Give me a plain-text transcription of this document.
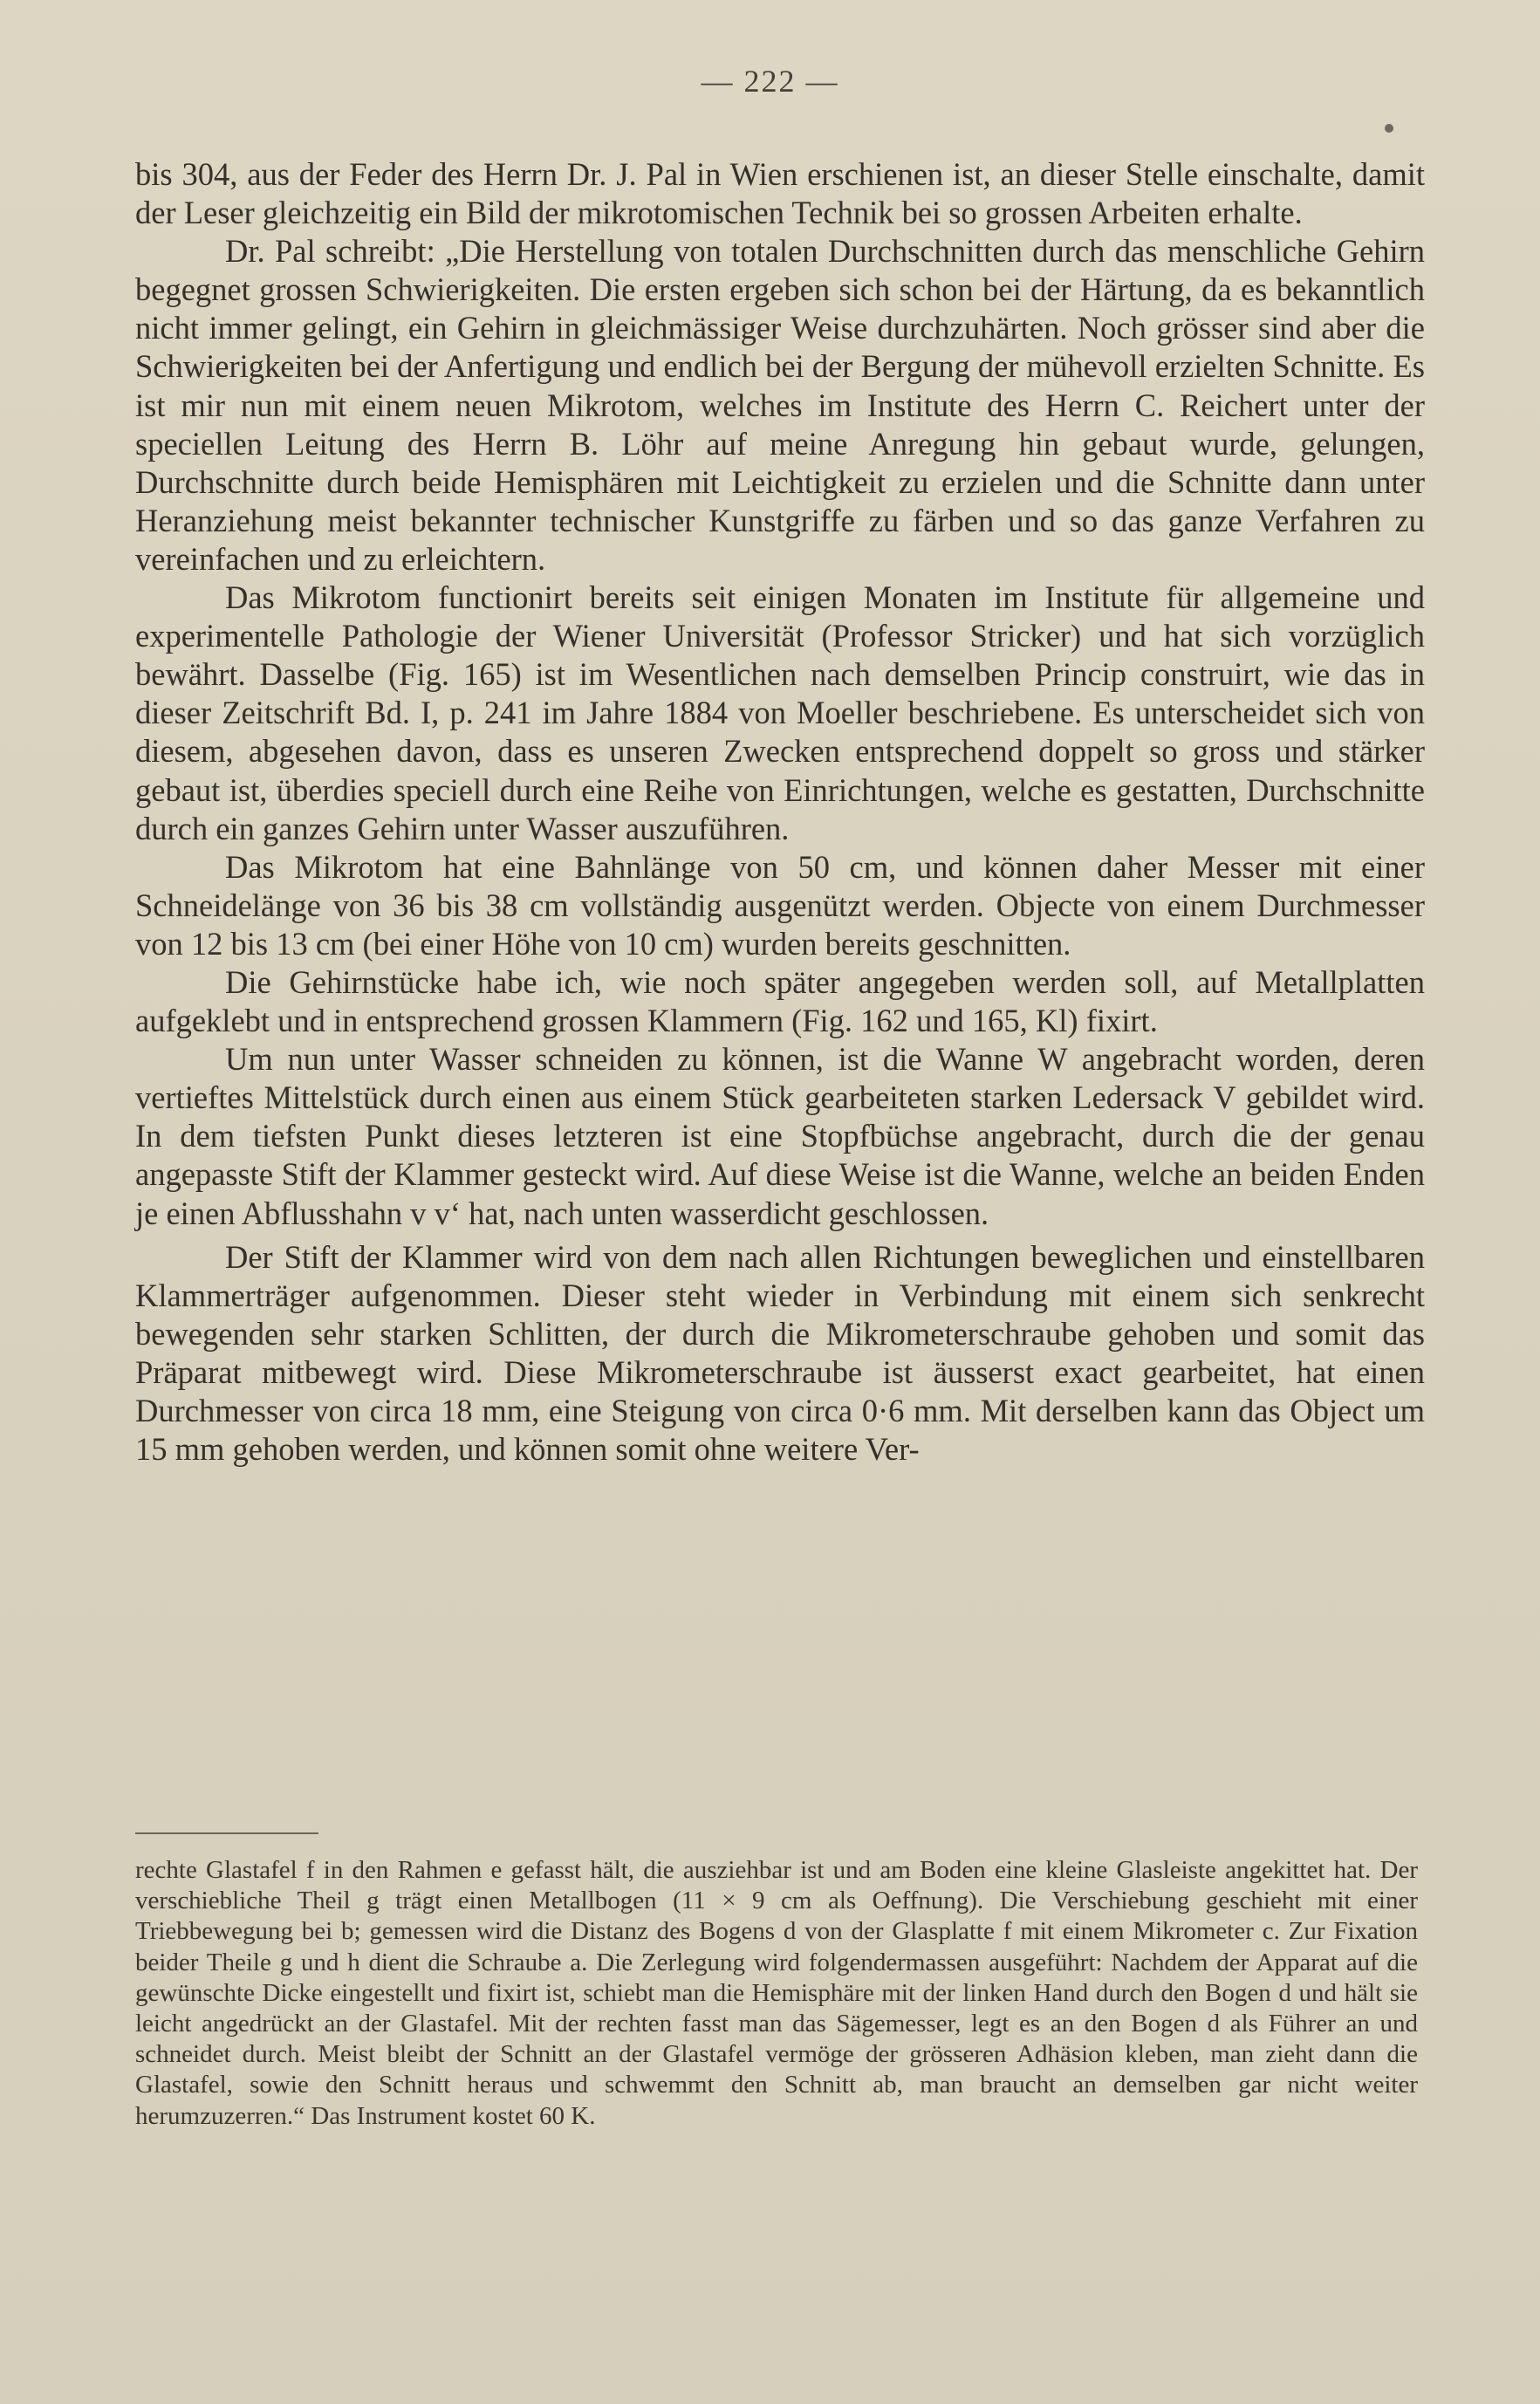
— 222 —

bis 304, aus der Feder des Herrn Dr. J. Pal in Wien erschienen ist, an dieser Stelle einschalte, damit der Leser gleichzeitig ein Bild der mikrotomischen Technik bei so grossen Arbeiten erhalte.

Dr. Pal schreibt: „Die Herstellung von totalen Durchschnitten durch das menschliche Gehirn begegnet grossen Schwierigkeiten. Die ersten ergeben sich schon bei der Härtung, da es bekanntlich nicht immer gelingt, ein Gehirn in gleichmässiger Weise durchzuhärten. Noch grösser sind aber die Schwierigkeiten bei der Anfertigung und endlich bei der Bergung der mühevoll erzielten Schnitte. Es ist mir nun mit einem neuen Mikrotom, welches im Institute des Herrn C. Reichert unter der speciellen Leitung des Herrn B. Löhr auf meine Anregung hin gebaut wurde, gelungen, Durchschnitte durch beide Hemisphären mit Leichtigkeit zu erzielen und die Schnitte dann unter Heranziehung meist bekannter technischer Kunstgriffe zu färben und so das ganze Verfahren zu vereinfachen und zu erleichtern.

Das Mikrotom functionirt bereits seit einigen Monaten im Institute für allgemeine und experimentelle Pathologie der Wiener Universität (Professor Stricker) und hat sich vorzüglich bewährt. Dasselbe (Fig. 165) ist im Wesentlichen nach demselben Princip construirt, wie das in dieser Zeitschrift Bd. I, p. 241 im Jahre 1884 von Moeller beschriebene. Es unterscheidet sich von diesem, abgesehen davon, dass es unseren Zwecken entsprechend doppelt so gross und stärker gebaut ist, überdies speciell durch eine Reihe von Einrichtungen, welche es gestatten, Durchschnitte durch ein ganzes Gehirn unter Wasser auszuführen.

Das Mikrotom hat eine Bahnlänge von 50 cm, und können daher Messer mit einer Schneidelänge von 36 bis 38 cm vollständig ausgenützt werden. Objecte von einem Durchmesser von 12 bis 13 cm (bei einer Höhe von 10 cm) wurden bereits geschnitten.

Die Gehirnstücke habe ich, wie noch später angegeben werden soll, auf Metallplatten aufgeklebt und in entsprechend grossen Klammern (Fig. 162 und 165, Kl) fixirt.

Um nun unter Wasser schneiden zu können, ist die Wanne W angebracht worden, deren vertieftes Mittelstück durch einen aus einem Stück gearbeiteten starken Ledersack V gebildet wird. In dem tiefsten Punkt dieses letzteren ist eine Stopfbüchse angebracht, durch die der genau angepasste Stift der Klammer gesteckt wird. Auf diese Weise ist die Wanne, welche an beiden Enden je einen Abflusshahn v v‘ hat, nach unten wasserdicht geschlossen.

Der Stift der Klammer wird von dem nach allen Richtungen beweglichen und einstellbaren Klammerträger aufgenommen. Dieser steht wieder in Verbindung mit einem sich senkrecht bewegenden sehr starken Schlitten, der durch die Mikrometerschraube gehoben und somit das Präparat mitbewegt wird. Diese Mikrometerschraube ist äusserst exact gearbeitet, hat einen Durchmesser von circa 18 mm, eine Steigung von circa 0·6 mm. Mit derselben kann das Object um 15 mm gehoben werden, und können somit ohne weitere Ver-

rechte Glastafel f in den Rahmen e gefasst hält, die ausziehbar ist und am Boden eine kleine Glasleiste angekittet hat. Der verschiebliche Theil g trägt einen Metallbogen (11 × 9 cm als Oeffnung). Die Verschiebung geschieht mit einer Triebbewegung bei b; gemessen wird die Distanz des Bogens d von der Glasplatte f mit einem Mikrometer c. Zur Fixation beider Theile g und h dient die Schraube a. Die Zerlegung wird folgendermassen ausgeführt: Nachdem der Apparat auf die gewünschte Dicke eingestellt und fixirt ist, schiebt man die Hemisphäre mit der linken Hand durch den Bogen d und hält sie leicht angedrückt an der Glastafel. Mit der rechten fasst man das Sägemesser, legt es an den Bogen d als Führer an und schneidet durch. Meist bleibt der Schnitt an der Glastafel vermöge der grösseren Adhäsion kleben, man zieht dann die Glastafel, sowie den Schnitt heraus und schwemmt den Schnitt ab, man braucht an demselben gar nicht weiter herumzuzerren.“ Das Instrument kostet 60 K.
